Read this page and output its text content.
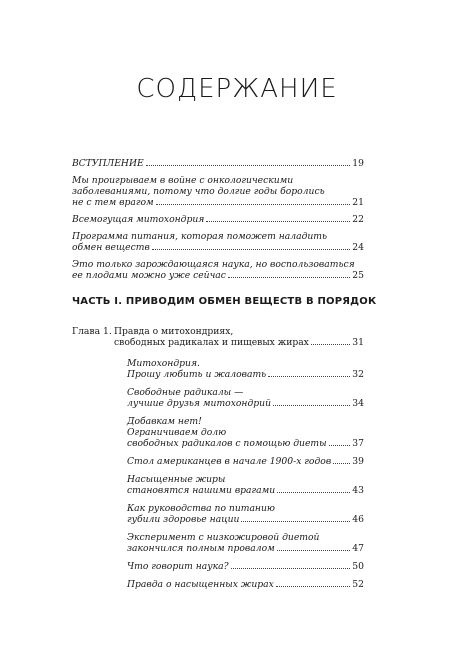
СОДЕРЖАНИЕ
ВСТУПЛЕНИЕ	19
Мы проигрываем в войне с онкологическими
заболеваниями, потому что долгие годы боролись
не с тем врагом	21
Всемогущая митохондрия	22
Программа питания, которая поможет наладить
обмен веществ	24
Это только зарождающаяся наука, но воспользоваться
ее плодами можно уже сейчас	25
ЧАСТЬ I. ПРИВОДИМ ОБМЕН ВЕЩЕСТВ В ПОРЯДОК
Глава 1. Правда о митохондриях,
свободных радикалах и пищевых жирах	31
Митохондрия.
Прошу любить и жаловать	32
Свободные радикалы —
лучшие друзья митохондрий	34
Добавкам нет!
Ограничиваем долю
свободных радикалов с помощью диеты	37
Стол американцев в начале 1900-х годов 39
Насыщенные жиры
становятся нашими врагами	43
Как руководства по питанию
губили здоровье нации	46
Эксперимент с низкожировой диетой
закончился полным провалом	47
Что говорит наука?	50
Правда о насыщенных жирах	52
